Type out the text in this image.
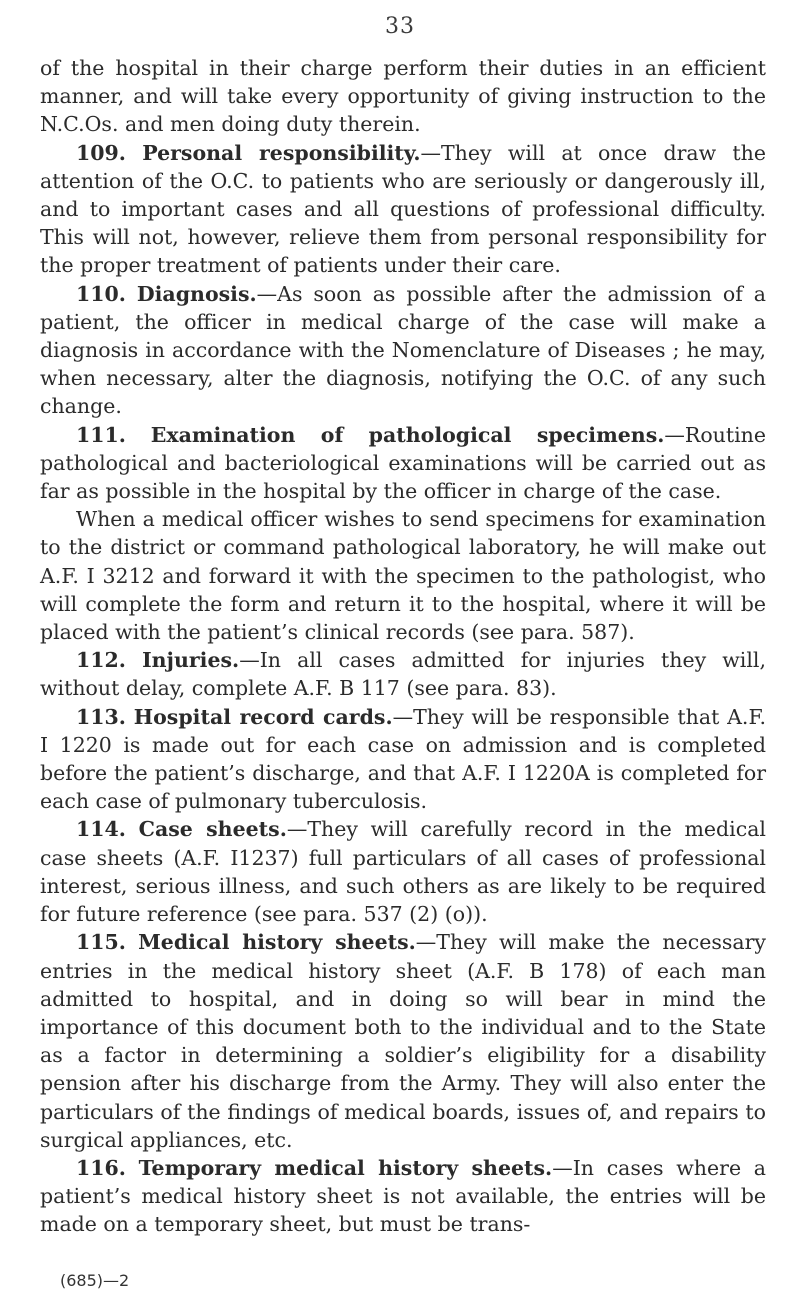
33

of the hospital in their charge perform their duties in an efficient manner, and will take every opportunity of giving instruction to the N.C.Os. and men doing duty therein.

109. Personal responsibility.—They will at once draw the attention of the O.C. to patients who are seriously or dangerously ill, and to important cases and all questions of professional difficulty. This will not, however, relieve them from personal responsibility for the proper treatment of patients under their care.

110. Diagnosis.—As soon as possible after the admission of a patient, the officer in medical charge of the case will make a diagnosis in accordance with the Nomenclature of Diseases ; he may, when necessary, alter the diagnosis, notifying the O.C. of any such change.

111. Examination of pathological specimens.—Routine pathological and bacteriological examinations will be carried out as far as possible in the hospital by the officer in charge of the case.

When a medical officer wishes to send specimens for examination to the district or command pathological laboratory, he will make out A.F. I 3212 and forward it with the specimen to the pathologist, who will complete the form and return it to the hospital, where it will be placed with the patient’s clinical records (see para. 587).

112. Injuries.—In all cases admitted for injuries they will, without delay, complete A.F. B 117 (see para. 83).

113. Hospital record cards.—They will be responsible that A.F. I 1220 is made out for each case on admission and is completed before the patient’s discharge, and that A.F. I 1220A is completed for each case of pulmonary tuberculosis.

114. Case sheets.—They will carefully record in the medical case sheets (A.F. I1237) full particulars of all cases of professional interest, serious illness, and such others as are likely to be required for future reference (see para. 537 (2) (o)).

115. Medical history sheets.—They will make the necessary entries in the medical history sheet (A.F. B 178) of each man admitted to hospital, and in doing so will bear in mind the importance of this document both to the individual and to the State as a factor in determining a soldier’s eligibility for a disability pension after his discharge from the Army. They will also enter the particulars of the findings of medical boards, issues of, and repairs to surgical appliances, etc.

116. Temporary medical history sheets.—In cases where a patient’s medical history sheet is not available, the entries will be made on a temporary sheet, but must be trans-

(685)—2
